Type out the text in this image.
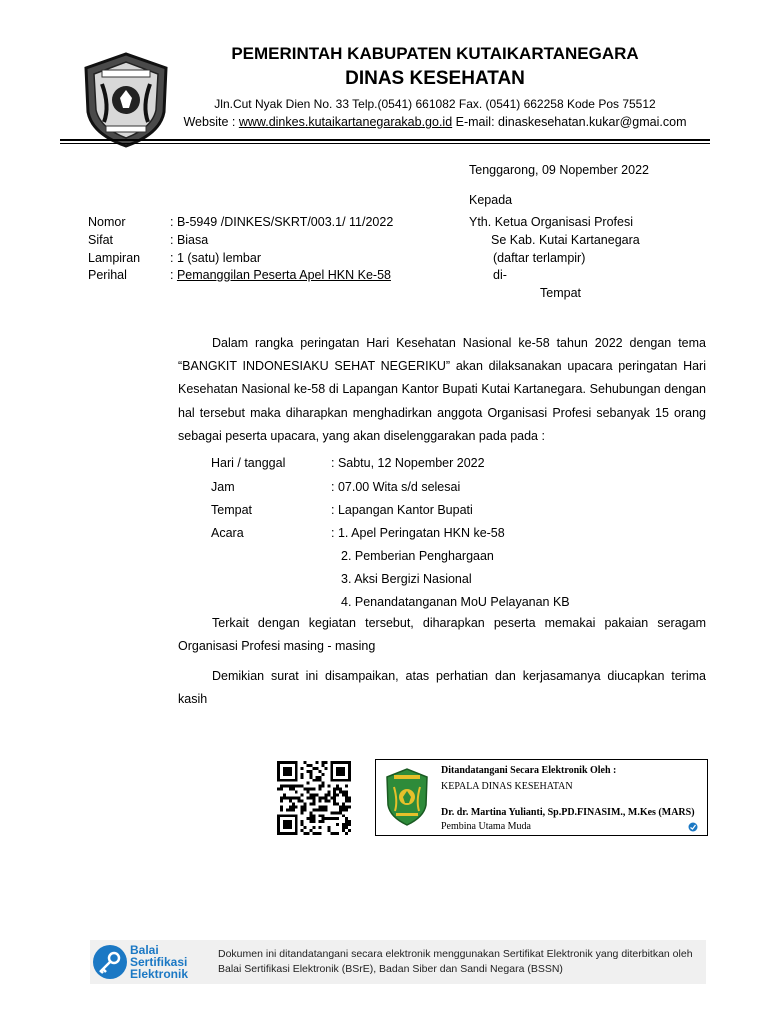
PEMERINTAH KABUPATEN KUTAIKARTANEGARA
DINAS KESEHATAN
Jln.Cut Nyak Dien No. 33 Telp.(0541) 661082 Fax. (0541) 662258 Kode Pos 75512
Website : www.dinkes.kutaikartanegarakab.go.id E-mail: dinaskesehatan.kukar@gmai.com
Tenggarong, 09 Nopember 2022
Kepada
Yth. Ketua Organisasi Profesi
Se Kab. Kutai Kartanegara
(daftar terlampir)
di-
Tempat
Nomor	: B-5949 /DINKES/SKRT/003.1/ 11/2022
Sifat	: Biasa
Lampiran	: 1 (satu) lembar
Perihal	: Pemanggilan Peserta Apel HKN Ke-58
Dalam rangka peringatan Hari Kesehatan Nasional ke-58 tahun 2022 dengan tema
“BANGKIT INDONESIAKU SEHAT NEGERIKU” akan dilaksanakan upacara peringatan Hari
Kesehatan Nasional ke-58 di Lapangan Kantor Bupati Kutai Kartanegara. Sehubungan dengan
hal tersebut maka diharapkan menghadirkan anggota Organisasi Profesi sebanyak 15 orang
sebagai peserta upacara, yang akan diselenggarakan pada pada :
Hari / tanggal	: Sabtu, 12 Nopember 2022
Jam	: 07.00 Wita s/d selesai
Tempat	: Lapangan Kantor Bupati
Acara	: 1. Apel Peringatan HKN ke-58
2. Pemberian Penghargaan
3. Aksi Bergizi Nasional
4. Penandatanganan MoU Pelayanan KB
Terkait dengan kegiatan tersebut, diharapkan peserta memakai pakaian seragam
Organisasi Profesi masing - masing
Demikian surat ini disampaikan, atas perhatian dan kerjasamanya diucapkan terima
kasih
Ditandatangani Secara Elektronik Oleh :
KEPALA DINAS KESEHATAN
Dr. dr. Martina Yulianti, Sp.PD.FINASIM., M.Kes (MARS)
Pembina Utama Muda
Balai
Sertifikasi
Elektronik
Dokumen ini ditandatangani secara elektronik menggunakan Sertifikat Elektronik yang diterbitkan oleh
Balai Sertifikasi Elektronik (BSrE), Badan Siber dan Sandi Negara (BSSN)
